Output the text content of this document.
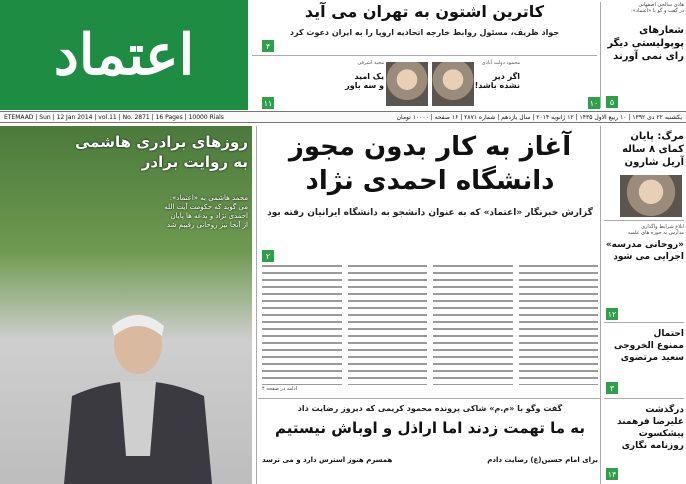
اعتماد
کاترین اشتون به تهران می آید
جواد ظریف، مسئول روابط خارجه اتحادیه اروپا را به ایران دعوت کرد
۴
۱۱
مجید اشرفی
یک امید
و سه باور
محمود دولت آبادی
اگر دیر
نشده باشد!
۱۰
هادی سالحی اصفهانی
در گفت و گو با «اعتماد»:
شعارهای
پوپولیستی دیگر
رای نمی آورند
۵
ETEMAAD | Sun | 12 Jan 2014 | vol.11 | No. 2871 | 16 Pages | 10000 Rials	یکشنبه ۲۲ دی ۱۳۹۲ | ۱۰ ربیع الاول ۱۴۳۵ | ۱۲ ژانویه ۲۰۱۴ | سال یازدهم | شماره ۲۸۷۱ | ۱۶ صفحه | ۱۰۰۰۰ تومان
روزهای برادری هاشمی
به روایت برادر
محمد هاشمی به «اعتماد»:
می گوید که حکومت آیت الله
احمدی نژاد و بدعه ها پایان
از آنجا نیز روحانی رقیبم شد
آغاز به کار بدون مجوز
دانشگاه احمدی نژاد
گزارش خبرنگار «اعتماد» که به عنوان دانشجو به دانشگاه ایرانیان رفته بود
۲
ادامه در صفحه ۴
گفت وگو با «م.م» شاکی پرونده محمود کریمی که دیروز رضایت داد
به ما تهمت زدند اما اراذل و اوباش نیستیم
برای امام حسین(ع) رضایت دادم
همسرم هنوز استرس دارد و می ترسد
مرگ: پایان
کمای ۸ ساله
آریل شارون
ابلاغ شرایط واگذاری
مدارس به حوزه های علمیه
«روحانی مدرسه»
اجرایی می شود
۱۲
احتمال
ممنوع الخروجی
سعید مرتضوی
۳
درگذشت
علیرضا فرهمند
پیشکسوت
روزنامه نگاری
۱۴
